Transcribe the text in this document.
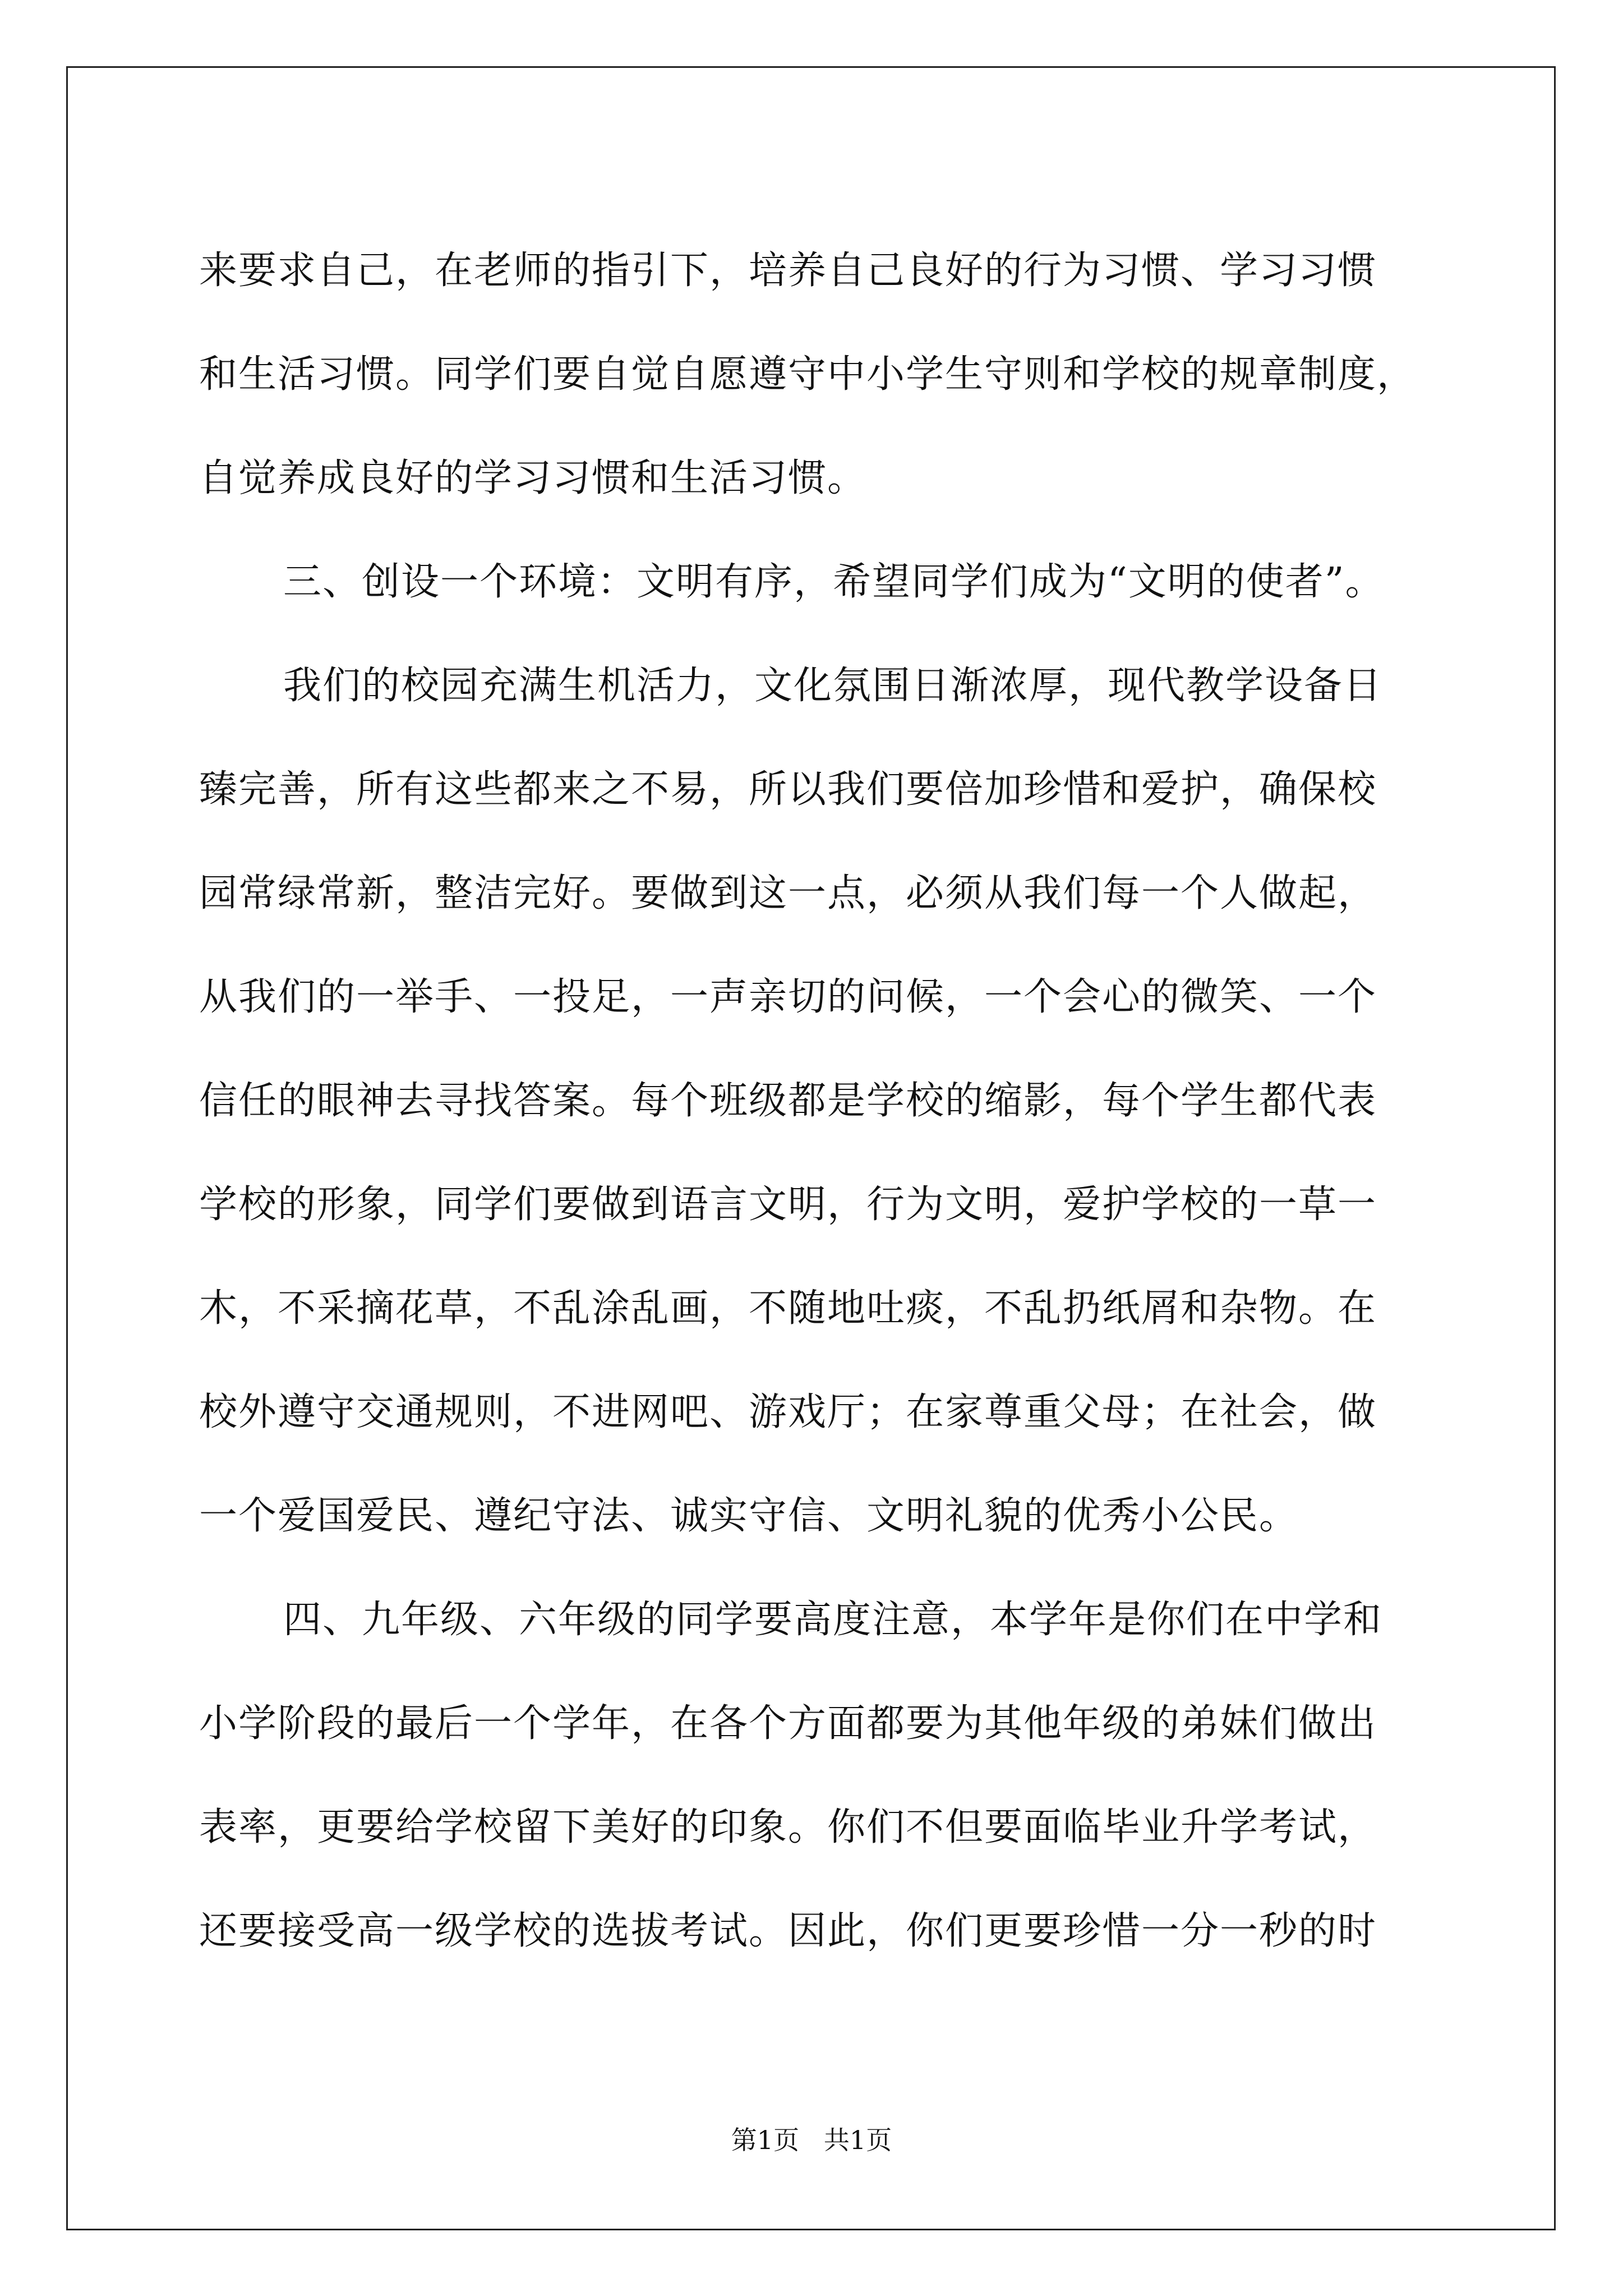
来要求自己，在老师的指引下，培养自己良好的行为习惯、学习习惯
和生活习惯。同学们要自觉自愿遵守中小学生守则和学校的规章制度，
自觉养成良好的学习习惯和生活习惯。
三、创设一个环境：文明有序，希望同学们成为“文明的使者”。
我们的校园充满生机活力，文化氛围日渐浓厚，现代教学设备日
臻完善，所有这些都来之不易，所以我们要倍加珍惜和爱护，确保校
园常绿常新，整洁完好。要做到这一点，必须从我们每一个人做起，
从我们的一举手、一投足，一声亲切的问候，一个会心的微笑、一个
信任的眼神去寻找答案。每个班级都是学校的缩影，每个学生都代表
学校的形象，同学们要做到语言文明，行为文明，爱护学校的一草一
木，不采摘花草，不乱涂乱画，不随地吐痰，不乱扔纸屑和杂物。在
校外遵守交通规则，不进网吧、游戏厅；在家尊重父母；在社会，做
一个爱国爱民、遵纪守法、诚实守信、文明礼貌的优秀小公民。
四、九年级、六年级的同学要高度注意，本学年是你们在中学和
小学阶段的最后一个学年，在各个方面都要为其他年级的弟妹们做出
表率，更要给学校留下美好的印象。你们不但要面临毕业升学考试，
还要接受高一级学校的选拔考试。因此，你们更要珍惜一分一秒的时
第1页   共1页
